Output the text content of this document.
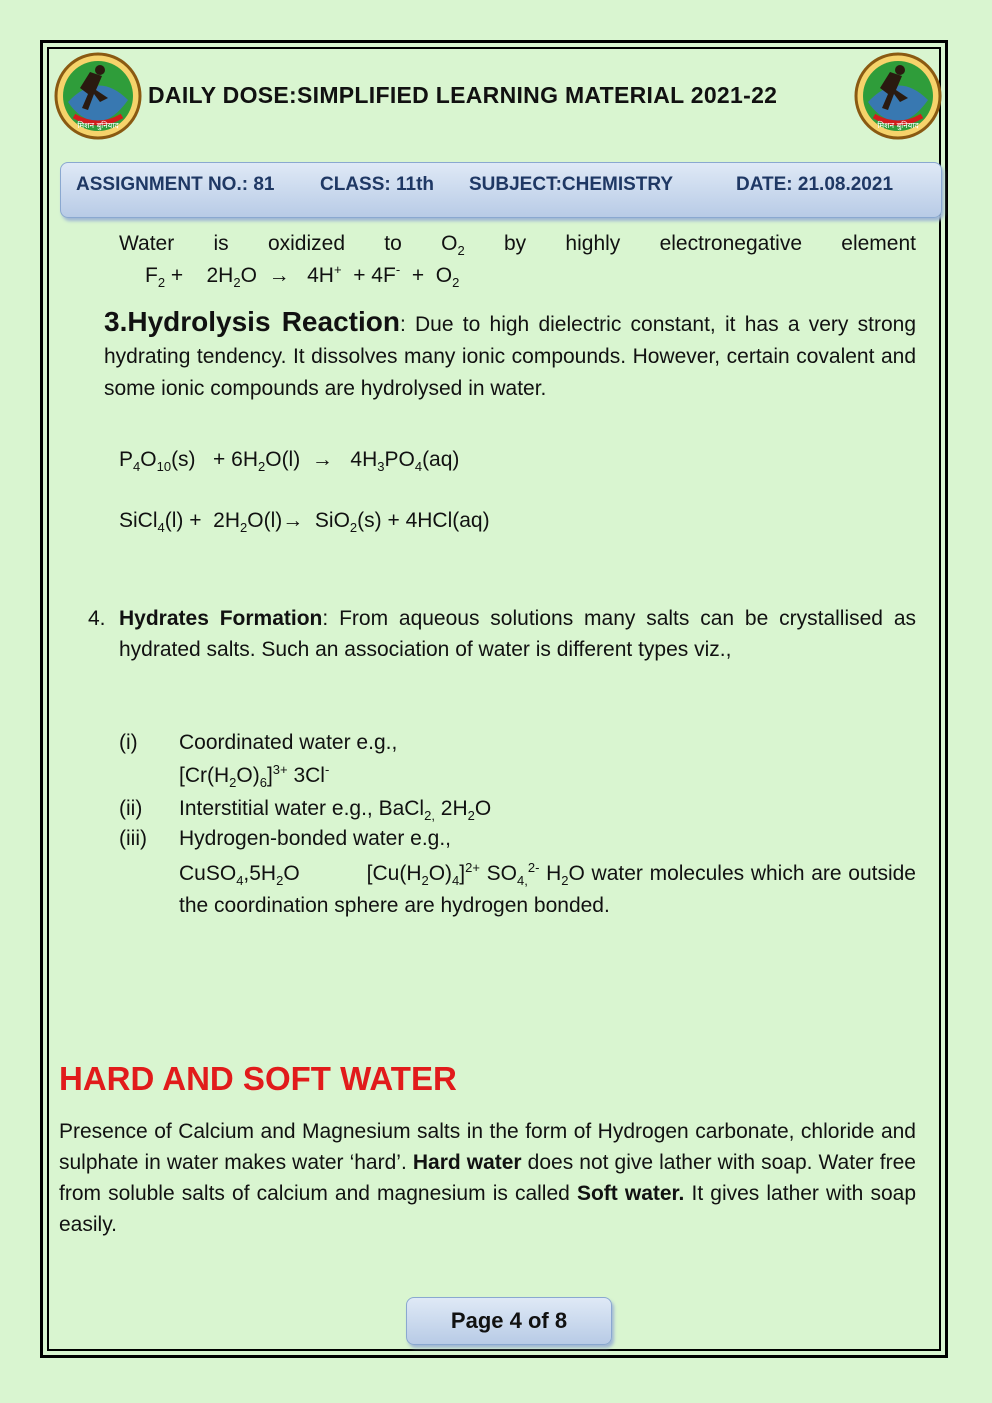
मिशन बुनियाद	मिशन बुनियाद
DAILY DOSE:SIMPLIFIED LEARNING MATERIAL 2021-22
ASSIGNMENT NO.: 81 CLASS: 11th SUBJECT:CHEMISTRY	DATE: 21.08.2021
Water is oxidized to $O_2$ by highly electronegative element
$F_2$ +    $2H_2O \to 4H^+ + 4F^- + O_2$
3.Hydrolysis Reaction: Due to high dielectric constant, it has a very strong hydrating tendency. It dissolves many ionic compounds. However, certain covalent and some ionic compounds are hydrolysed in water.
$P_4O_{10}(s) + 6H_2O(l) \to 4H_3PO_4(aq)$
SiCl$_4$(l) +  $2H_2O(l)\to SiO_2(s) + 4HCl(aq)$
4. Hydrates Formation: From aqueous solutions many salts can be crystallised as hydrated salts. Such an association of water is different types viz.,
(i) Coordinated water e.g.,
$[Cr(H_2O)_6]^{3+}$ 3Cl-
(ii) Interstitial water e.g., BaCl$_{2,}$ $2H_2O$
(iii) Hydrogen-bonded water e.g.,
$CuSO_4,5H_2O$          $[Cu(H_2O)_4]^{2+}$ $SO_{4,}^{2-}$ $H_2O$ water molecules which are outside the coordination sphere are hydrogen bonded.
HARD AND SOFT WATER
Presence of Calcium and Magnesium salts in the form of Hydrogen carbonate, chloride and sulphate in water makes water ‘hard’. Hard water does not give lather with soap. Water free from soluble salts of calcium and magnesium is called Soft water. It gives lather with soap easily.
Page 4 of 8
